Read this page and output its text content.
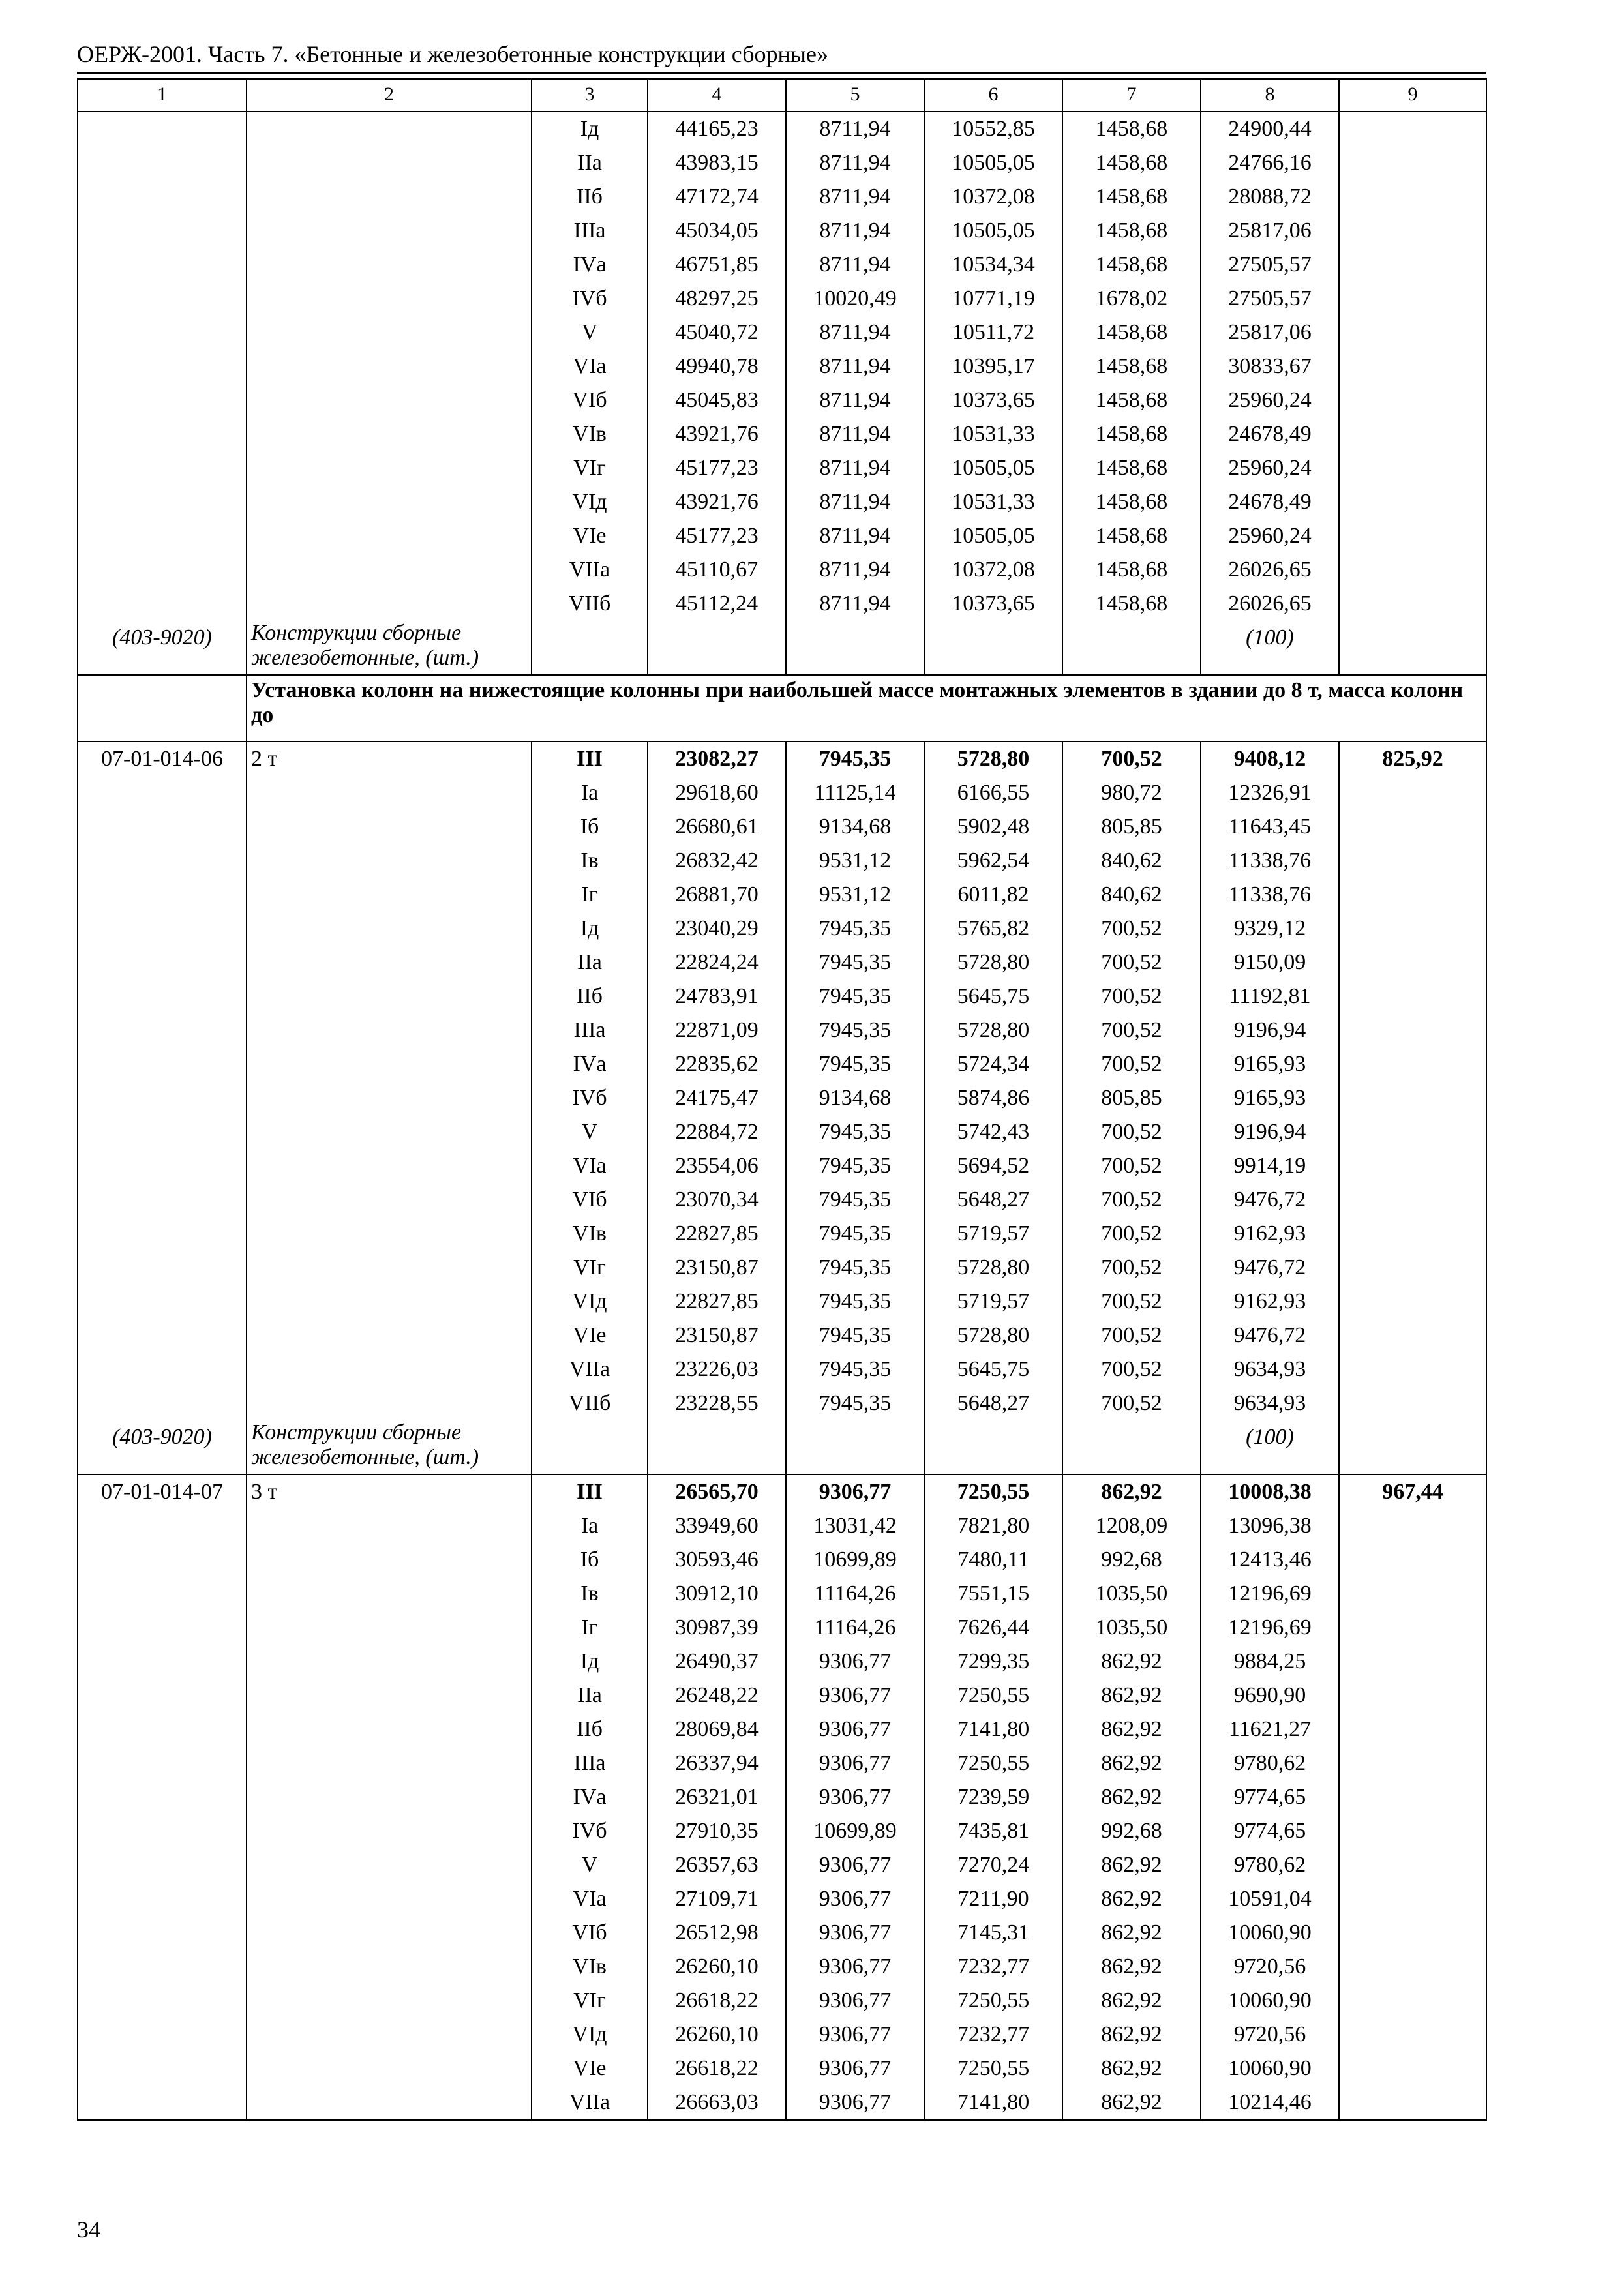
ОЕРЖ-2001. Часть 7. «Бетонные и железобетонные конструкции сборные»
1	2	3	4	5	6	7	8	9
		Iд	44165,23	8711,94	10552,85	1458,68	24900,44	
		IIа	43983,15	8711,94	10505,05	1458,68	24766,16	
		IIб	47172,74	8711,94	10372,08	1458,68	28088,72	
		IIIа	45034,05	8711,94	10505,05	1458,68	25817,06	
		IVа	46751,85	8711,94	10534,34	1458,68	27505,57	
		IVб	48297,25	10020,49	10771,19	1678,02	27505,57	
		V	45040,72	8711,94	10511,72	1458,68	25817,06	
		VIа	49940,78	8711,94	10395,17	1458,68	30833,67	
		VIб	45045,83	8711,94	10373,65	1458,68	25960,24	
		VIв	43921,76	8711,94	10531,33	1458,68	24678,49	
		VIг	45177,23	8711,94	10505,05	1458,68	25960,24	
		VIд	43921,76	8711,94	10531,33	1458,68	24678,49	
		VIе	45177,23	8711,94	10505,05	1458,68	25960,24	
		VIIа	45110,67	8711,94	10372,08	1458,68	26026,65	
		VIIб	45112,24	8711,94	10373,65	1458,68	26026,65	
(403-9020)	Конструкции сборные железобетонные, (шт.)						(100)	
	Установка колонн на нижестоящие колонны при наибольшей массе монтажных элементов в здании до 8 т, масса колонн до							
07-01-014-06	2 т	III	23082,27	7945,35	5728,80	700,52	9408,12	825,92
		Iа	29618,60	11125,14	6166,55	980,72	12326,91	
		Iб	26680,61	9134,68	5902,48	805,85	11643,45	
		Iв	26832,42	9531,12	5962,54	840,62	11338,76	
		Iг	26881,70	9531,12	6011,82	840,62	11338,76	
		Iд	23040,29	7945,35	5765,82	700,52	9329,12	
		IIа	22824,24	7945,35	5728,80	700,52	9150,09	
		IIб	24783,91	7945,35	5645,75	700,52	11192,81	
		IIIа	22871,09	7945,35	5728,80	700,52	9196,94	
		IVа	22835,62	7945,35	5724,34	700,52	9165,93	
		IVб	24175,47	9134,68	5874,86	805,85	9165,93	
		V	22884,72	7945,35	5742,43	700,52	9196,94	
		VIа	23554,06	7945,35	5694,52	700,52	9914,19	
		VIб	23070,34	7945,35	5648,27	700,52	9476,72	
		VIв	22827,85	7945,35	5719,57	700,52	9162,93	
		VIг	23150,87	7945,35	5728,80	700,52	9476,72	
		VIд	22827,85	7945,35	5719,57	700,52	9162,93	
		VIе	23150,87	7945,35	5728,80	700,52	9476,72	
		VIIа	23226,03	7945,35	5645,75	700,52	9634,93	
		VIIб	23228,55	7945,35	5648,27	700,52	9634,93	
(403-9020)	Конструкции сборные железобетонные, (шт.)						(100)	
07-01-014-07	3 т	III	26565,70	9306,77	7250,55	862,92	10008,38	967,44
		Iа	33949,60	13031,42	7821,80	1208,09	13096,38	
		Iб	30593,46	10699,89	7480,11	992,68	12413,46	
		Iв	30912,10	11164,26	7551,15	1035,50	12196,69	
		Iг	30987,39	11164,26	7626,44	1035,50	12196,69	
		Iд	26490,37	9306,77	7299,35	862,92	9884,25	
		IIа	26248,22	9306,77	7250,55	862,92	9690,90	
		IIб	28069,84	9306,77	7141,80	862,92	11621,27	
		IIIа	26337,94	9306,77	7250,55	862,92	9780,62	
		IVа	26321,01	9306,77	7239,59	862,92	9774,65	
		IVб	27910,35	10699,89	7435,81	992,68	9774,65	
		V	26357,63	9306,77	7270,24	862,92	9780,62	
		VIа	27109,71	9306,77	7211,90	862,92	10591,04	
		VIб	26512,98	9306,77	7145,31	862,92	10060,90	
		VIв	26260,10	9306,77	7232,77	862,92	9720,56	
		VIг	26618,22	9306,77	7250,55	862,92	10060,90	
		VIд	26260,10	9306,77	7232,77	862,92	9720,56	
		VIе	26618,22	9306,77	7250,55	862,92	10060,90	
		VIIа	26663,03	9306,77	7141,80	862,92	10214,46	
34
